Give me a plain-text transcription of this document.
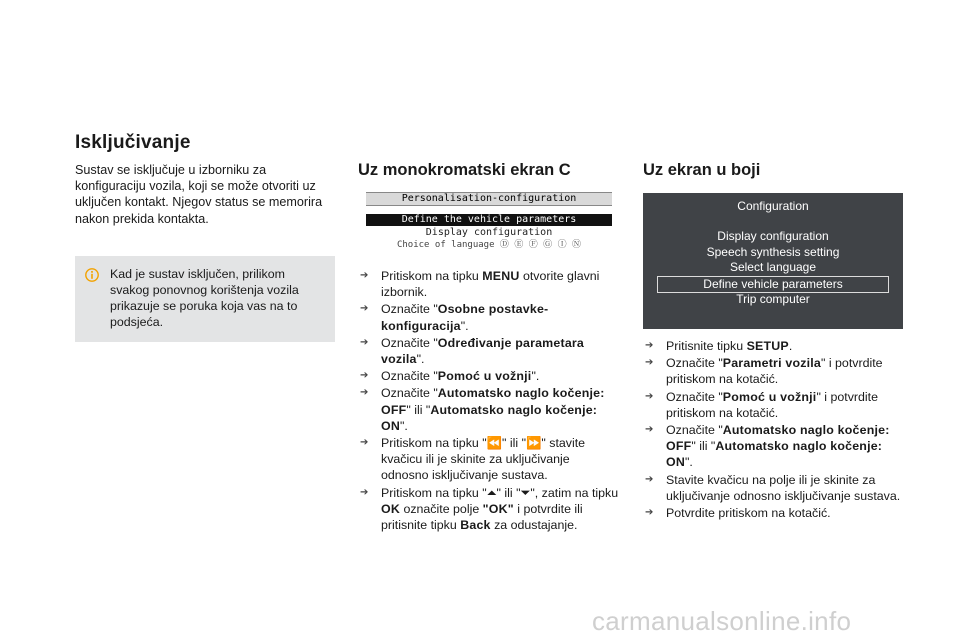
Isključivanje

Sustav se isključuje u izborniku za konfiguraciju vozila, koji se može otvoriti uz uključen kontakt. Njegov status se memorira nakon prekida kontakta.

Kad je sustav isključen, prilikom svakog ponovnog korištenja vozila prikazuje se poruka koja vas na to podsjeća.

Uz monokromatski ekran C
Personalisation-configuration
Define the vehicle parameters
Display configuration
Choice of language Ⓓ Ⓔ Ⓕ Ⓖ Ⓘ Ⓝ
➔ Pritiskom na tipku MENU otvorite glavni izbornik.
➔ Označite "Osobne postavke-konfiguracija".
➔ Označite "Određivanje parametara vozila".
➔ Označite "Pomoć u vožnji".
➔ Označite "Automatsko naglo kočenje: OFF" ili "Automatsko naglo kočenje: ON".
➔ Pritiskom na tipku "⏪" ili "⏩" stavite kvačicu ili je skinite za uključivanje odnosno isključivanje sustava.
➔ Pritiskom na tipku "⏶" ili "⏷", zatim na tipku OK označite polje "OK" i potvrdite ili pritisnite tipku Back za odustajanje.
Uz ekran u boji
Configuration
Display configuration
Speech synthesis setting
Select language
Define vehicle parameters
Trip computer
➔ Pritisnite tipku SETUP.
➔ Označite "Parametri vozila" i potvrdite pritiskom na kotačić.
➔ Označite "Pomoć u vožnji" i potvrdite pritiskom na kotačić.
➔ Označite "Automatsko naglo kočenje: OFF" ili "Automatsko naglo kočenje: ON".
➔ Stavite kvačicu na polje ili je skinite za uključivanje odnosno isključivanje sustava.
➔ Potvrdite pritiskom na kotačić.
carmanualsonline.info
